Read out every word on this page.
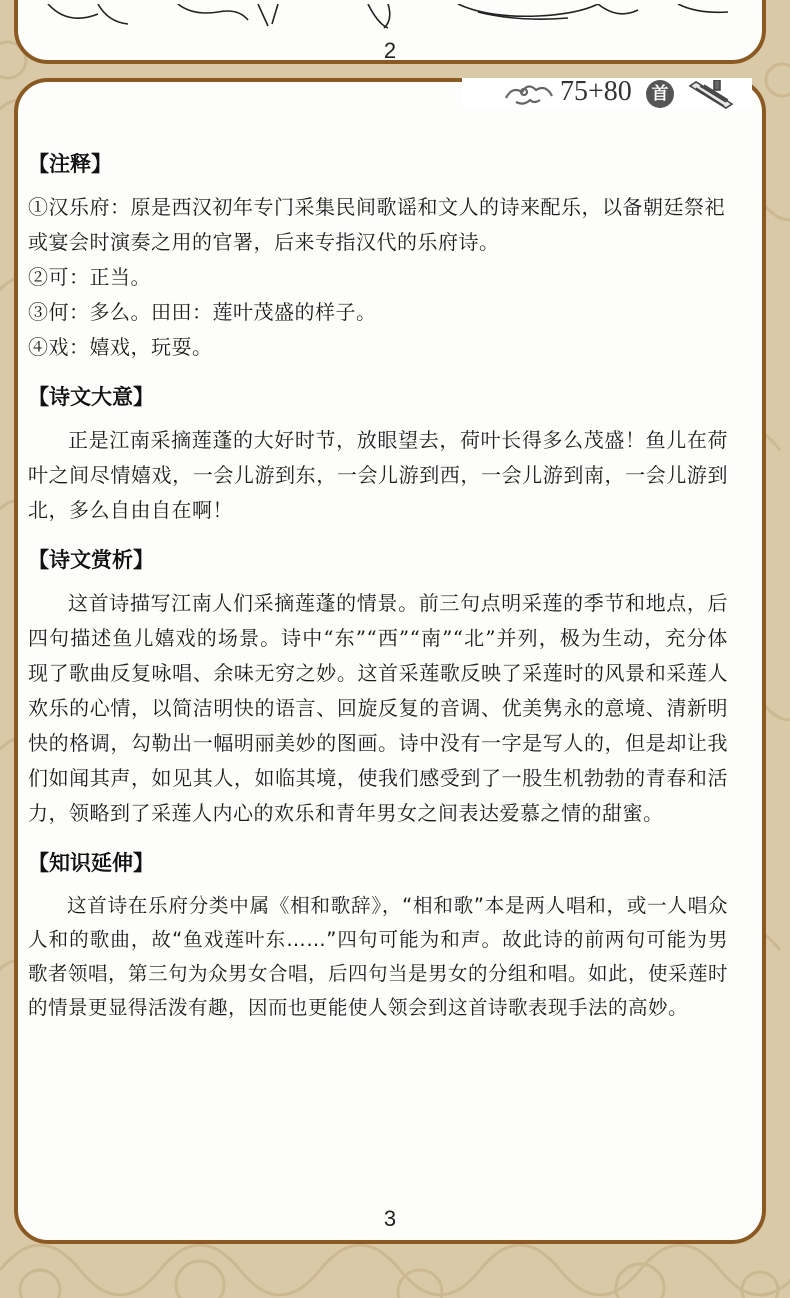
2
75+80	首
【注释】

①汉乐府：原是西汉初年专门采集民间歌谣和文人的诗来配乐，以备朝廷祭祀或宴会时演奏之用的官署，后来专指汉代的乐府诗。

②可：正当。

③何：多么。田田：莲叶茂盛的样子。

④戏：嬉戏，玩耍。

【诗文大意】

正是江南采摘莲蓬的大好时节，放眼望去，荷叶长得多么茂盛！鱼儿在荷叶之间尽情嬉戏，一会儿游到东，一会儿游到西，一会儿游到南，一会儿游到北，多么自由自在啊！

【诗文赏析】

这首诗描写江南人们采摘莲蓬的情景。前三句点明采莲的季节和地点，后四句描述鱼儿嬉戏的场景。诗中“东”“西”“南”“北”并列，极为生动，充分体现了歌曲反复咏唱、余味无穷之妙。这首采莲歌反映了采莲时的风景和采莲人欢乐的心情，以简洁明快的语言、回旋反复的音调、优美隽永的意境、清新明快的格调，勾勒出一幅明丽美妙的图画。诗中没有一字是写人的，但是却让我们如闻其声，如见其人，如临其境，使我们感受到了一股生机勃勃的青春和活力，领略到了采莲人内心的欢乐和青年男女之间表达爱慕之情的甜蜜。

【知识延伸】

这首诗在乐府分类中属《相和歌辞》，“相和歌”本是两人唱和，或一人唱众人和的歌曲，故“鱼戏莲叶东……”四句可能为和声。故此诗的前两句可能为男歌者领唱，第三句为众男女合唱，后四句当是男女的分组和唱。如此，使采莲时的情景更显得活泼有趣，因而也更能使人领会到这首诗歌表现手法的高妙。

3
